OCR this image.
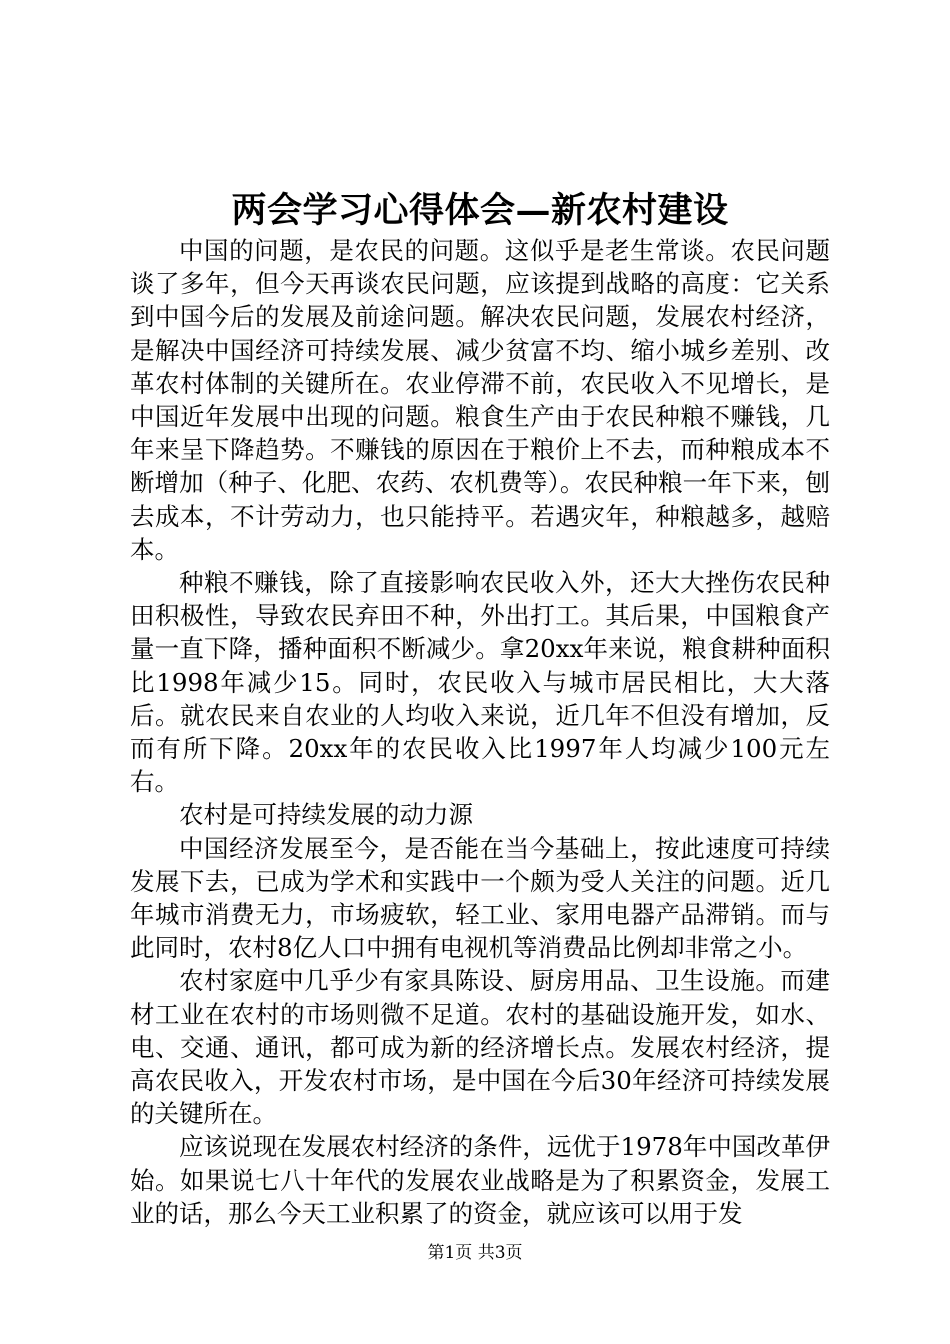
两会学习心得体会—新农村建设

中国的问题，是农民的问题。这似乎是老生常谈。农民问题谈了多年，但今天再谈农民问题，应该提到战略的高度：它关系到中国今后的发展及前途问题。解决农民问题，发展农村经济，是解决中国经济可持续发展、减少贫富不均、缩小城乡差别、改革农村体制的关键所在。农业停滞不前，农民收入不见增长，是中国近年发展中出现的问题。粮食生产由于农民种粮不赚钱，几年来呈下降趋势。不赚钱的原因在于粮价上不去，而种粮成本不断增加（种子、化肥、农药、农机费等）。农民种粮一年下来，刨去成本，不计劳动力，也只能持平。若遇灾年，种粮越多，越赔本。

种粮不赚钱，除了直接影响农民收入外，还大大挫伤农民种田积极性，导致农民弃田不种，外出打工。其后果，中国粮食产量一直下降，播种面积不断减少。拿20xx年来说，粮食耕种面积比1998年减少15。同时，农民收入与城市居民相比，大大落后。就农民来自农业的人均收入来说，近几年不但没有增加，反而有所下降。20xx年的农民收入比1997年人均减少100元左右。

农村是可持续发展的动力源

中国经济发展至今，是否能在当今基础上，按此速度可持续发展下去，已成为学术和实践中一个颇为受人关注的问题。近几年城市消费无力，市场疲软，轻工业、家用电器产品滞销。而与此同时，农村8亿人口中拥有电视机等消费品比例却非常之小。

农村家庭中几乎少有家具陈设、厨房用品、卫生设施。而建材工业在农村的市场则微不足道。农村的基础设施开发，如水、电、交通、通讯，都可成为新的经济增长点。发展农村经济，提高农民收入，开发农村市场，是中国在今后30年经济可持续发展的关键所在。

应该说现在发展农村经济的条件，远优于1978年中国改革伊始。如果说七八十年代的发展农业战略是为了积累资金，发展工业的话，那么今天工业积累了的资金，就应该可以用于发

第1页 共3页
